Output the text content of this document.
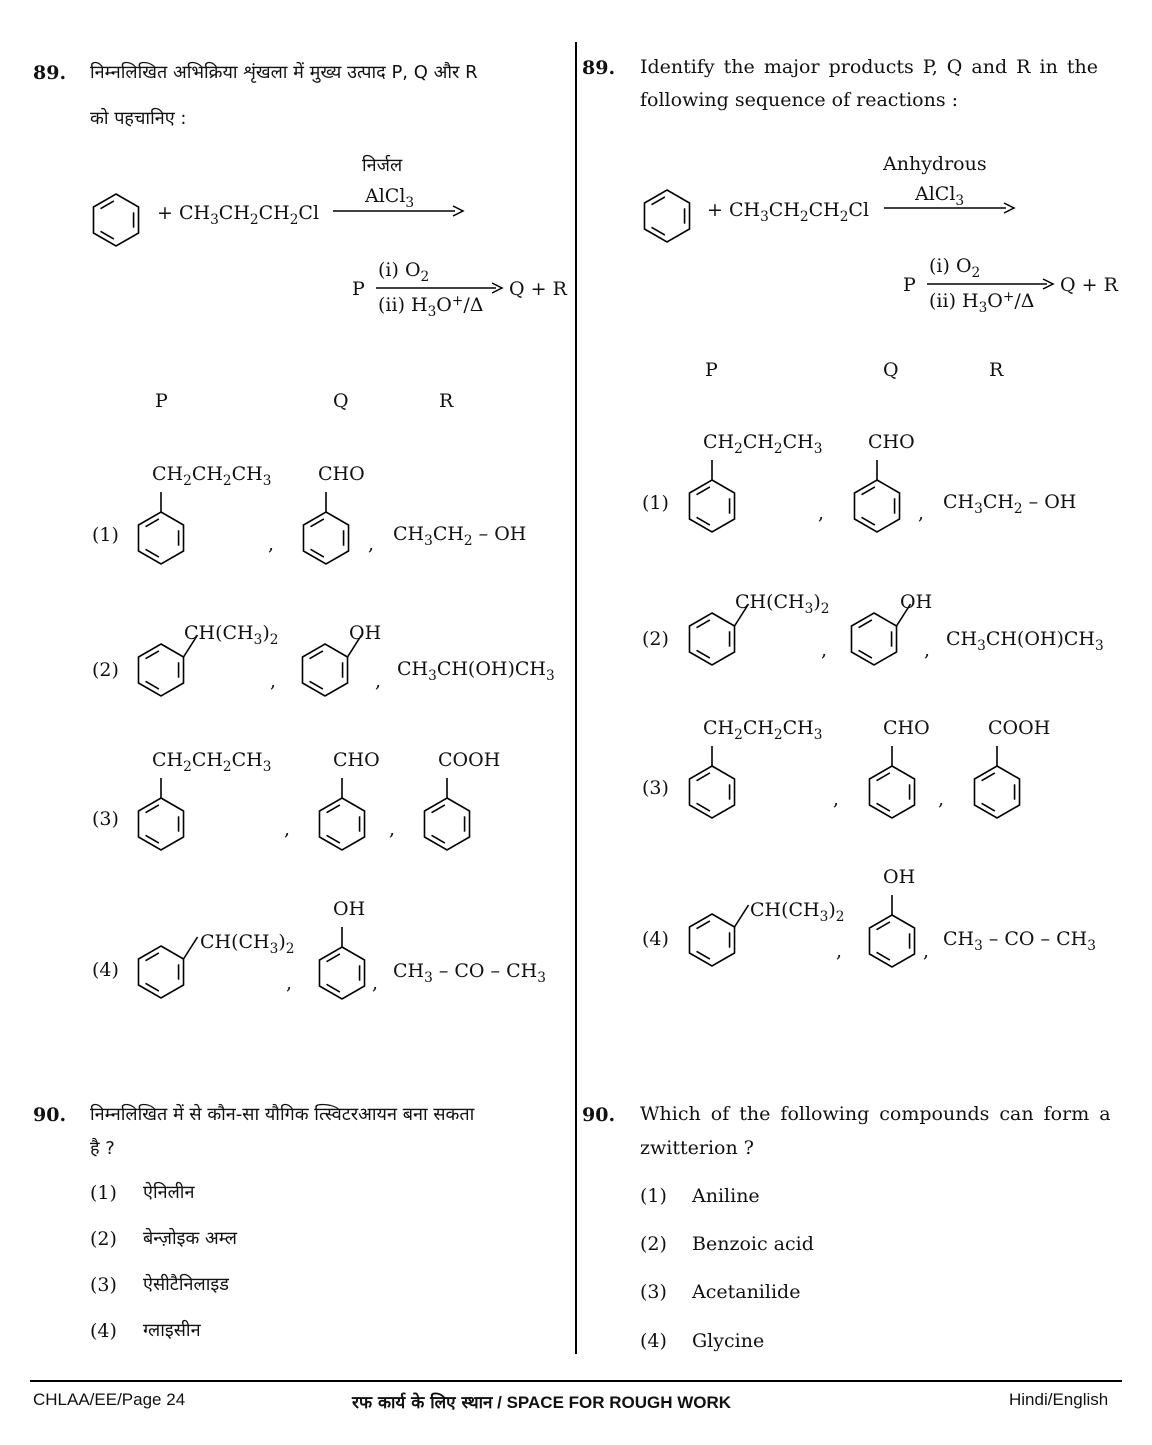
89. निम्नलिखित अभिक्रिया शृंखला में मुख्य उत्पाद P, Q और R
को पहचानिए :
+ $CH_3CH_2CH_2Cl$
निर्जल
AlCl$_3$
P
(i) $O_2$
(ii) $H_3O^+/\Delta$
Q + R
P	Q	R
(1)
$CH_2CH_2CH_3$
,
CHO
, $CH_3CH_2$ – OH
(2)
$CH(CH_3)_2$
,
OH
,
$CH_3CH(OH)CH_3$
(3)
$CH_2CH_2CH_3$
,
CHO
,
COOH
(4)
$CH(CH_3)_2$
,
OH
,
$CH_3$ – CO – $CH_3$
90. निम्नलिखित में से कौन-सा यौगिक त्स्विटरआयन बना सकता
है ?
(1) ऐनिलीन
(2) बेन्ज़ोइक अम्ल
(3) ऐसीटैनिलाइड
(4) ग्लाइसीन
89. Identify the major products P, Q and R in the
following sequence of reactions :
+ $CH_3CH_2CH_2Cl$
Anhydrous
AlCl$_3$
P
(i) $O_2$
(ii) $H_3O^+/\Delta$
Q + R
P	Q	R
(1)
$CH_2CH_2CH_3$
,
CHO
, $CH_3CH_2$ – OH
(2)
$CH(CH_3)_2$
,
OH
, $CH_3CH(OH)CH_3$
(3)
$CH_2CH_2CH_3$
,
CHO
,
COOH
(4)
$CH(CH_3)_2$
,
OH
,
$CH_3$ – CO – $CH_3$
90. Which of the following compounds can form a
zwitterion ?
(1) Aniline
(2) Benzoic acid
(3) Acetanilide
(4) Glycine
CHLAA/EE/Page 24	रफ कार्य के लिए स्थान / SPACE FOR ROUGH WORK	Hindi/English
